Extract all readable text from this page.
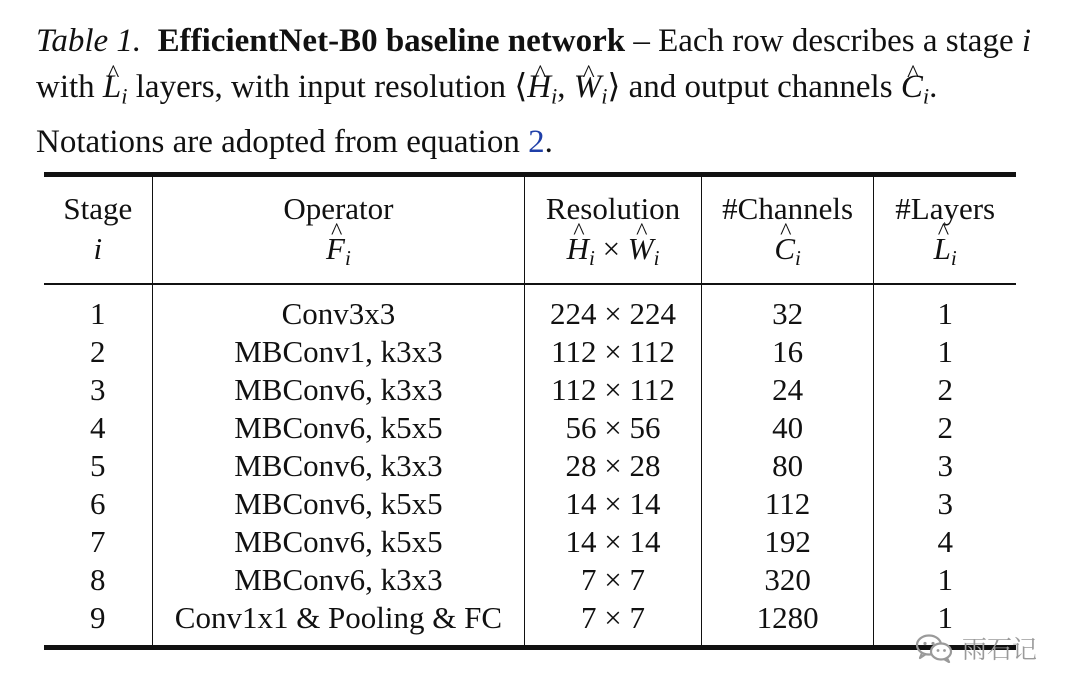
Table 1. EfficientNet-B0 baseline network – Each row describes a stage i with ^ $L_i$ layers, with input resolution ⟨^ $H_i$, ^ $W_i⟩$ and output channels ^ $C_i$. Notations are adopted from equation 2.
Stage	Operator	Resolution	#Channels	#Layers
i	^ $F_i$	^ $H_i$ × ^ $W_i$	^ $C_i$	^ $L_i$
1	Conv3x3	224 × 224	32	1
2	MBConv1, k3x3	112 × 112	16	1
3	MBConv6, k3x3	112 × 112	24	2
4	MBConv6, k5x5	56 × 56	40	2
5	MBConv6, k3x3	28 × 28	80	3
6	MBConv6, k5x5	14 × 14	112	3
7	MBConv6, k5x5	14 × 14	192	4
8	MBConv6, k3x3	7 × 7	320	1
9	Conv1x1 & Pooling & FC	7 × 7	1280	1
雨石记
